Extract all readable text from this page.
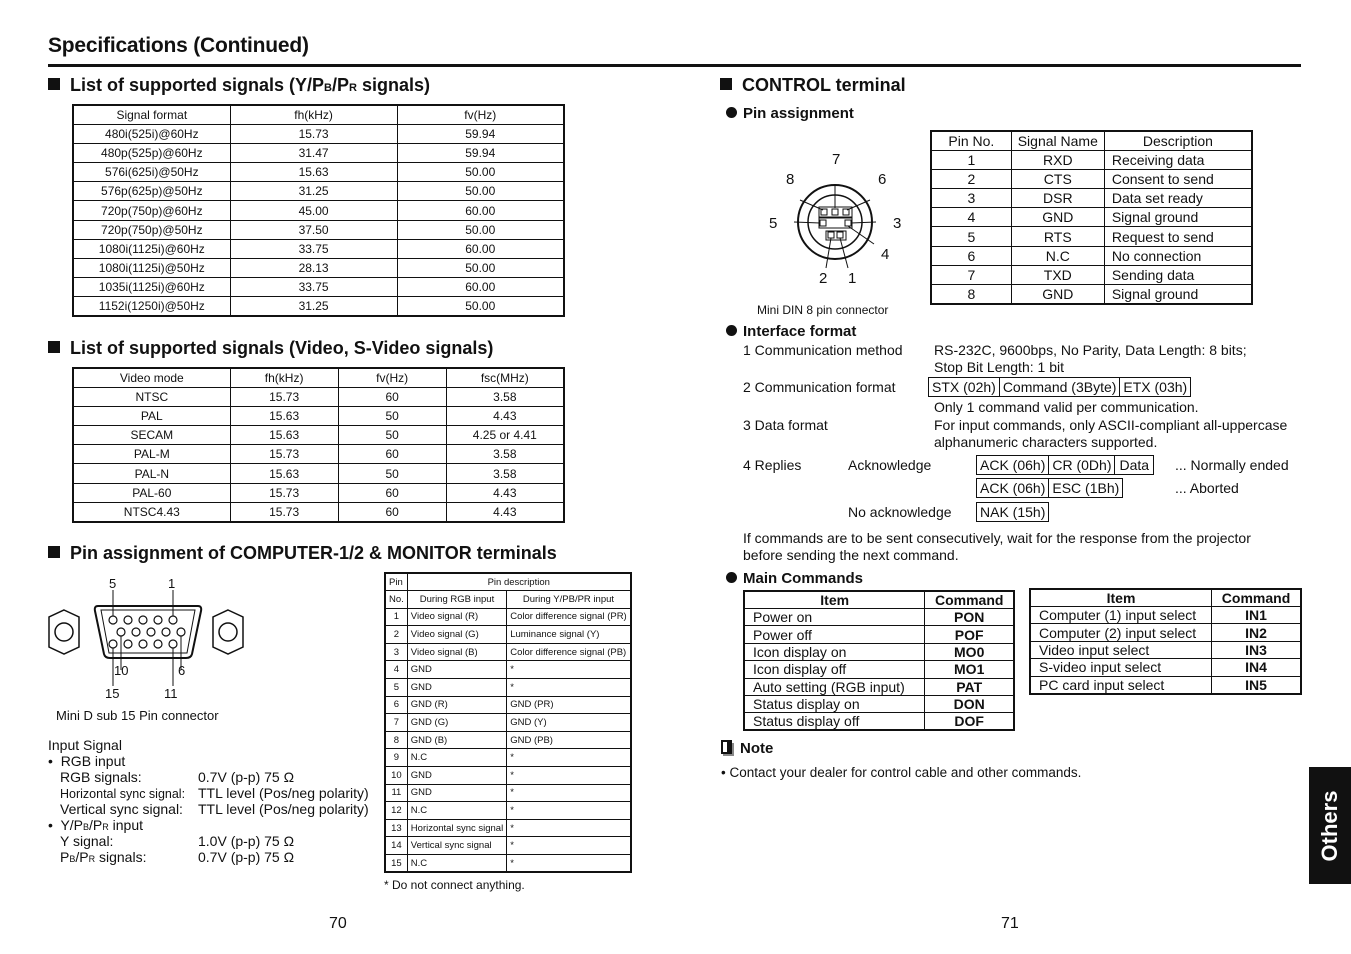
Specifications (Continued)
List of supported signals (Y/PB/PR signals)
Signal format	fh(kHz)	fv(Hz)
480i(525i)@60Hz	15.73	59.94
480p(525p)@60Hz	31.47	59.94
576i(625i)@50Hz	15.63	50.00
576p(625p)@50Hz	31.25	50.00
720p(750p)@60Hz	45.00	60.00
720p(750p)@50Hz	37.50	50.00
1080i(1125i)@60Hz	33.75	60.00
1080i(1125i)@50Hz	28.13	50.00
1035i(1125i)@60Hz	33.75	60.00
1152i(1250i)@50Hz	31.25	50.00
List of supported signals (Video, S-Video signals)
Video mode	fh(kHz)	fv(Hz)	fsc(MHz)
NTSC	15.73	60	3.58
PAL	15.63	50	4.43
SECAM	15.63	50	4.25 or 4.41
PAL-M	15.73	60	3.58
PAL-N	15.63	50	3.58
PAL-60	15.73	60	4.43
NTSC4.43	15.73	60	4.43
Pin assignment of COMPUTER-1/2 & MONITOR terminals
5	1
10	6
15	11
Mini D sub 15 Pin connector
Input Signal
•  RGB input
RGB signals:	0.7V (p-p) 75 Ω
Horizontal sync signal: TTL level (Pos/neg polarity)
Vertical sync signal: TTL level (Pos/neg polarity)
•  Y/PB/PR input
Y signal:	1.0V (p-p) 75 Ω
PB/PR signals:	0.7V (p-p) 75 Ω
Pin	Pin description	
No.	During RGB input	During Y/PB/PR input
1	Video signal (R)	Color difference signal (PR)
2	Video signal (G)	Luminance signal (Y)
3	Video signal (B)	Color difference signal (PB)
4	GND	*
5	GND	*
6	GND (R)	GND (PR)
7	GND (G)	GND (Y)
8	GND (B)	GND (PB)
9	N.C	*
10	GND	*
11	GND	*
12	N.C	*
13	Horizontal sync signal	*
14	Vertical sync signal	*
15	N.C	*
* Do not connect anything.
CONTROL terminal
Pin assignment
7
8	6
5	3
4
2 1
Mini DIN 8 pin connector
Pin No.	Signal Name	Description
1	RXD	Receiving data
2	CTS	Consent to send
3	DSR	Data set ready
4	GND	Signal ground
5	RTS	Request to send
6	N.C	No connection
7	TXD	Sending data
8	GND	Signal ground
Interface format
1 Communication method RS-232C, 9600bps, No Parity, Data Length: 8 bits;
Stop Bit Length: 1 bit
2 Communication format	STX (02h) Command (3Byte) ETX (03h)
Only 1 command valid per communication.
3 Data format	For input commands, only ASCII-compliant all-uppercase
alphanumeric characters supported.
4 Replies	Acknowledge	ACK (06h) CR (0Dh) Data	... Normally ended
ACK (06h) ESC (1Bh)	... Aborted
No acknowledge NAK (15h)
If commands are to be sent consecutively, wait for the response from the projector
before sending the next command.
Main Commands
Item	Command
Power on	PON
Power off	POF
Icon display on	MO0
Icon display off	MO1
Auto setting (RGB input)	PAT
Status display on	DON
Status display off	DOF
Item	Command
Computer (1) input select	IN1
Computer (2) input select	IN2
Video input select	IN3
S-video input select	IN4
PC card input select	IN5
Note
• Contact your dealer for control cable and other commands.
70	71
Others
